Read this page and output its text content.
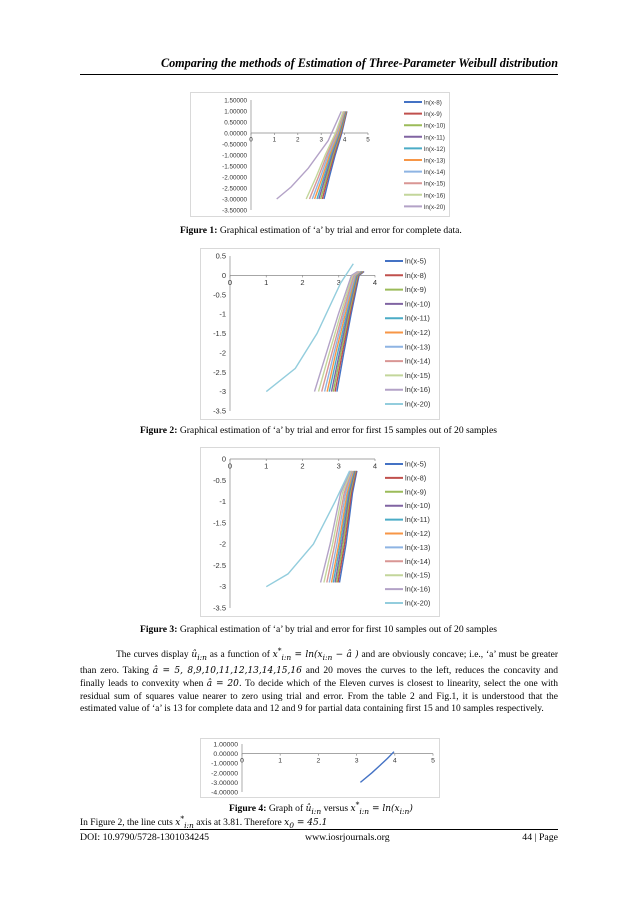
Comparing the methods of Estimation of Three-Parameter Weibull distribution
1.50000
1.00000
0.50000
0.00000
-0.50000
-1.00000
-1.50000
-2.00000
-2.50000
-3.00000
-3.50000
0	1	2	3	4	5
ln(x-8)
ln(x-9)
ln(x-10)
ln(x-11)
ln(x-12)
ln(x-13)
ln(x-14)
ln(x-15)
ln(x-16)
ln(x-20)
Figure 1: Graphical estimation of ‘a’ by trial and error for complete data.
0.5
0
-0.5
-1
-1.5
-2
-2.5
-3
-3.5
0	1	2	3	4
ln(x-5)
ln(x-8)
ln(x-9)
ln(x-10)
ln(x-11)
ln(x-12)
ln(x-13)
ln(x-14)
ln(x-15)
ln(x-16)
ln(x-20)
Figure 2: Graphical estimation of ‘a’ by trial and error for first 15 samples out of 20 samples
0
-0.5
-1
-1.5
-2
-2.5
-3
-3.5
0	1	2	3	4	ln(x-5)
ln(x-8)
ln(x-9)
ln(x-10)
ln(x-11)
ln(x-12)
ln(x-13)
ln(x-14)
ln(x-15)
ln(x-16)
ln(x-20)
Figure 3: Graphical estimation of ‘a’ by trial and error for first 10 samples out of 20 samples
The curves display $û_{i:n}$ as a function of $x^*_{i:n} = \ln(x_{i:n}$ − â ) and are obviously concave; i.e., ‘a’ must be greater than zero. Taking â = 5, 8,9,10,11,12,13,14,15,16 and 20 moves the curves to the left, reduces the concavity and finally leads to convexity when â = 20. To decide which of the Eleven curves is closest to linearity, select the one with residual sum of squares value nearer to zero using trial and error. From the table 2 and Fig.1, it is understood that the estimated value of ‘a’ is 13 for complete data and 12 and 9 for partial data containing first 15 and 10 samples respectively.
1.00000
0.00000
-1.00000
-2.00000
-3.00000
-4.00000
0	1	2	3	4	5
Figure 4: Graph of $û_{i:n}$ versus $x^*_{i:n} = \ln(x_{i:n})$
In Figure 2, the line cuts $x^*_{i:n}$ axis at 3.81. Therefore $x_0 = 45.1$
DOI: 10.9790/5728-1301034245	www.iosrjournals.org	44 | Page
